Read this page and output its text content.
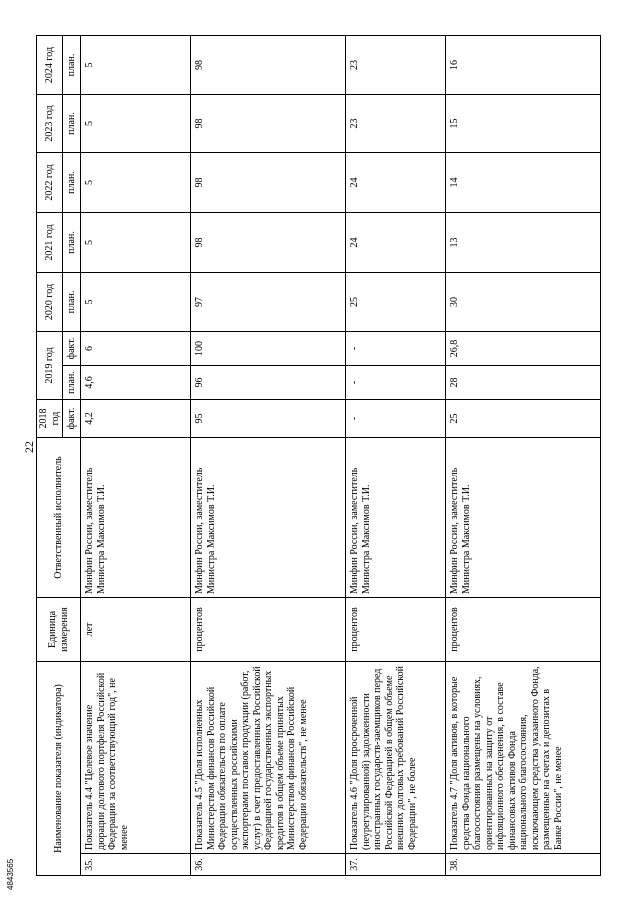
22
4843565
Наименование показателя (индикатора)		Единица измерения	Ответственный исполнитель	2018 год	2019 год		2020 год	2021 год	2022 год	2023 год	2024 год
				факт.	план.	факт.	план.	план.	план.	план.	план.
35.	Показатель 4.4 "Целевое значение дюрации долгового портфеля Российской Федерации за соответствующий год", не менее	лет	Минфин России, заместитель Министра Максимов Т.И.	4,2	4,6	6	5	5	5	5	5
36.	Показатель 4.5 "Доля исполненных Министерством финансов Российской Федерации обязательств по оплате осуществленных российскими экспортерами поставок продукции (работ, услуг) в счет предоставленных Российской Федерацией государственных экспортных кредитов в общем объеме принятых Министерством финансов Российской Федерации обязательств", не менее	процентов	Минфин России, заместитель Министра Максимов Т.И.	95	96	100	97	98	98	98	98
37.	Показатель 4.6 "Доля просроченной (неурегулированной) задолженности иностранных государств-заемщиков перед Российской Федерацией в общем объеме внешних долговых требований Российской Федерации", не более	процентов	Минфин России, заместитель Министра Максимов Т.И.	-	-	-	25	24	24	23	23
38.	Показатель 4.7 "Доля активов, в которые средства Фонда национального благосостояния размещены на условиях, ориентированных на защиту от инфляционного обесценения, в составе финансовых активов Фонда национального благосостояния, исключающем средства указанного Фонда, размещенные на счетах и депозитах в Банке России", не менее	процентов	Минфин России, заместитель Министра Максимов Т.И.	25	28	26,8	30	13	14	15	16
